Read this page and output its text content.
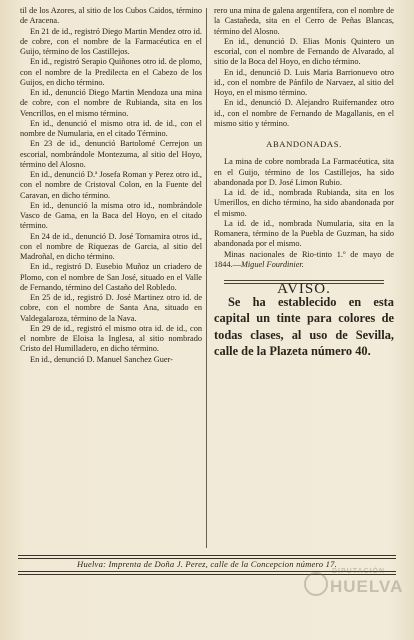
til de los Azores, al sitio de los Cubos Caidos, término de Aracena.

En 21 de id., registró Diego Martin Mendez otro id. de cobre, con el nombre de la Farmacéutica en el Guijo, término de los Castillejos.

En id., registró Serapio Quiñones otro id. de plomo, con el nombre de la Predilecta en el Cabezo de los Guijos, en dicho término.

En id., denunció Diego Martin Mendoza una mina de cobre, con el nombre de Rubianda, sita en los Vencrillos, en el mismo término.

En id., denunció el mismo otra id. de id., con el nombre de Numularia, en el citado Término.

En 23 de id., denunció Bartolomé Cerrejon un escorial, nombrándole Montezuma, al sitio del Hoyo, término del Alosno.

En id., denunció D.ª Josefa Roman y Perez otro id., con el nombre de Cristoval Colon, en la Fuente del Caravan, en dicho término.

En id., denunció la misma otro id., nombrándole Vasco de Gama, en la Baca del Hoyo, en el citado término.

En 24 de id., denunció D. José Tornamira otros id., con el nombre de Riquezas de Garcia, al sitio del Madroñal, en dicho término.

En id., registró D. Eusebio Muñoz un criadero de Plomo, con el nombre de San José, situado en el Valle de Fernando, término del Castaño del Robledo.

En 25 de id., registró D. José Martinez otro id. de cobre, con el nombre de Santa Ana, situado en Valdegalaroza, término de la Nava.

En 29 de id., registró el mismo otra id. de id., con el nombre de Eloisa la Inglesa, al sitio nombrado Cristo del Humilladero, en dicho término.

En id., denunció D. Manuel Sanchez Guer-

rero una mina de galena argentífera, con el nombre de la Castañeda, sita en el Cerro de Peñas Blancas, término del Alosno.

En id., denunció D. Elias Monis Quintero un escorial, con el nombre de Fernando de Alvarado, al sitio de la Boca del Hoyo, en dicho término.

En id., denunció D. Luis Maria Barrionuevo otro id., con el nombre de Pánfilo de Narvaez, al sitio del Hoyo, en el mismo término.

En id., denunció D. Alejandro Ruifernandez otro id., con el nombre de Fernando de Magallanis, en el mismo sitio y término.

ABANDONADAS.

La mina de cobre nombrada La Farmacéutica, sita en el Guijo, término de los Castillejos, ha sido abandonada por D. José Limon Rubio.

La id. de id., nombrada Rubianda, sita en los Umerillos, en dicho término, ha sido abandonada por el mismo.

La id. de id., nombrada Numularia, sita en la Romanera, término de la Puebla de Guzman, ha sido abandonada por el mismo.

Minas nacionales de Rio-tinto 1.º de mayo de 1844.—Miguel Fourdinier.

AVISO.

Se ha establecido en esta capital un tinte para colores de todas clases, al uso de Sevilla, calle de la Plazeta número 40.

Huelva: Imprenta de Doña J. Perez, calle de la Concepcion número 17.
DIPUTACIÓN
HUELVA
